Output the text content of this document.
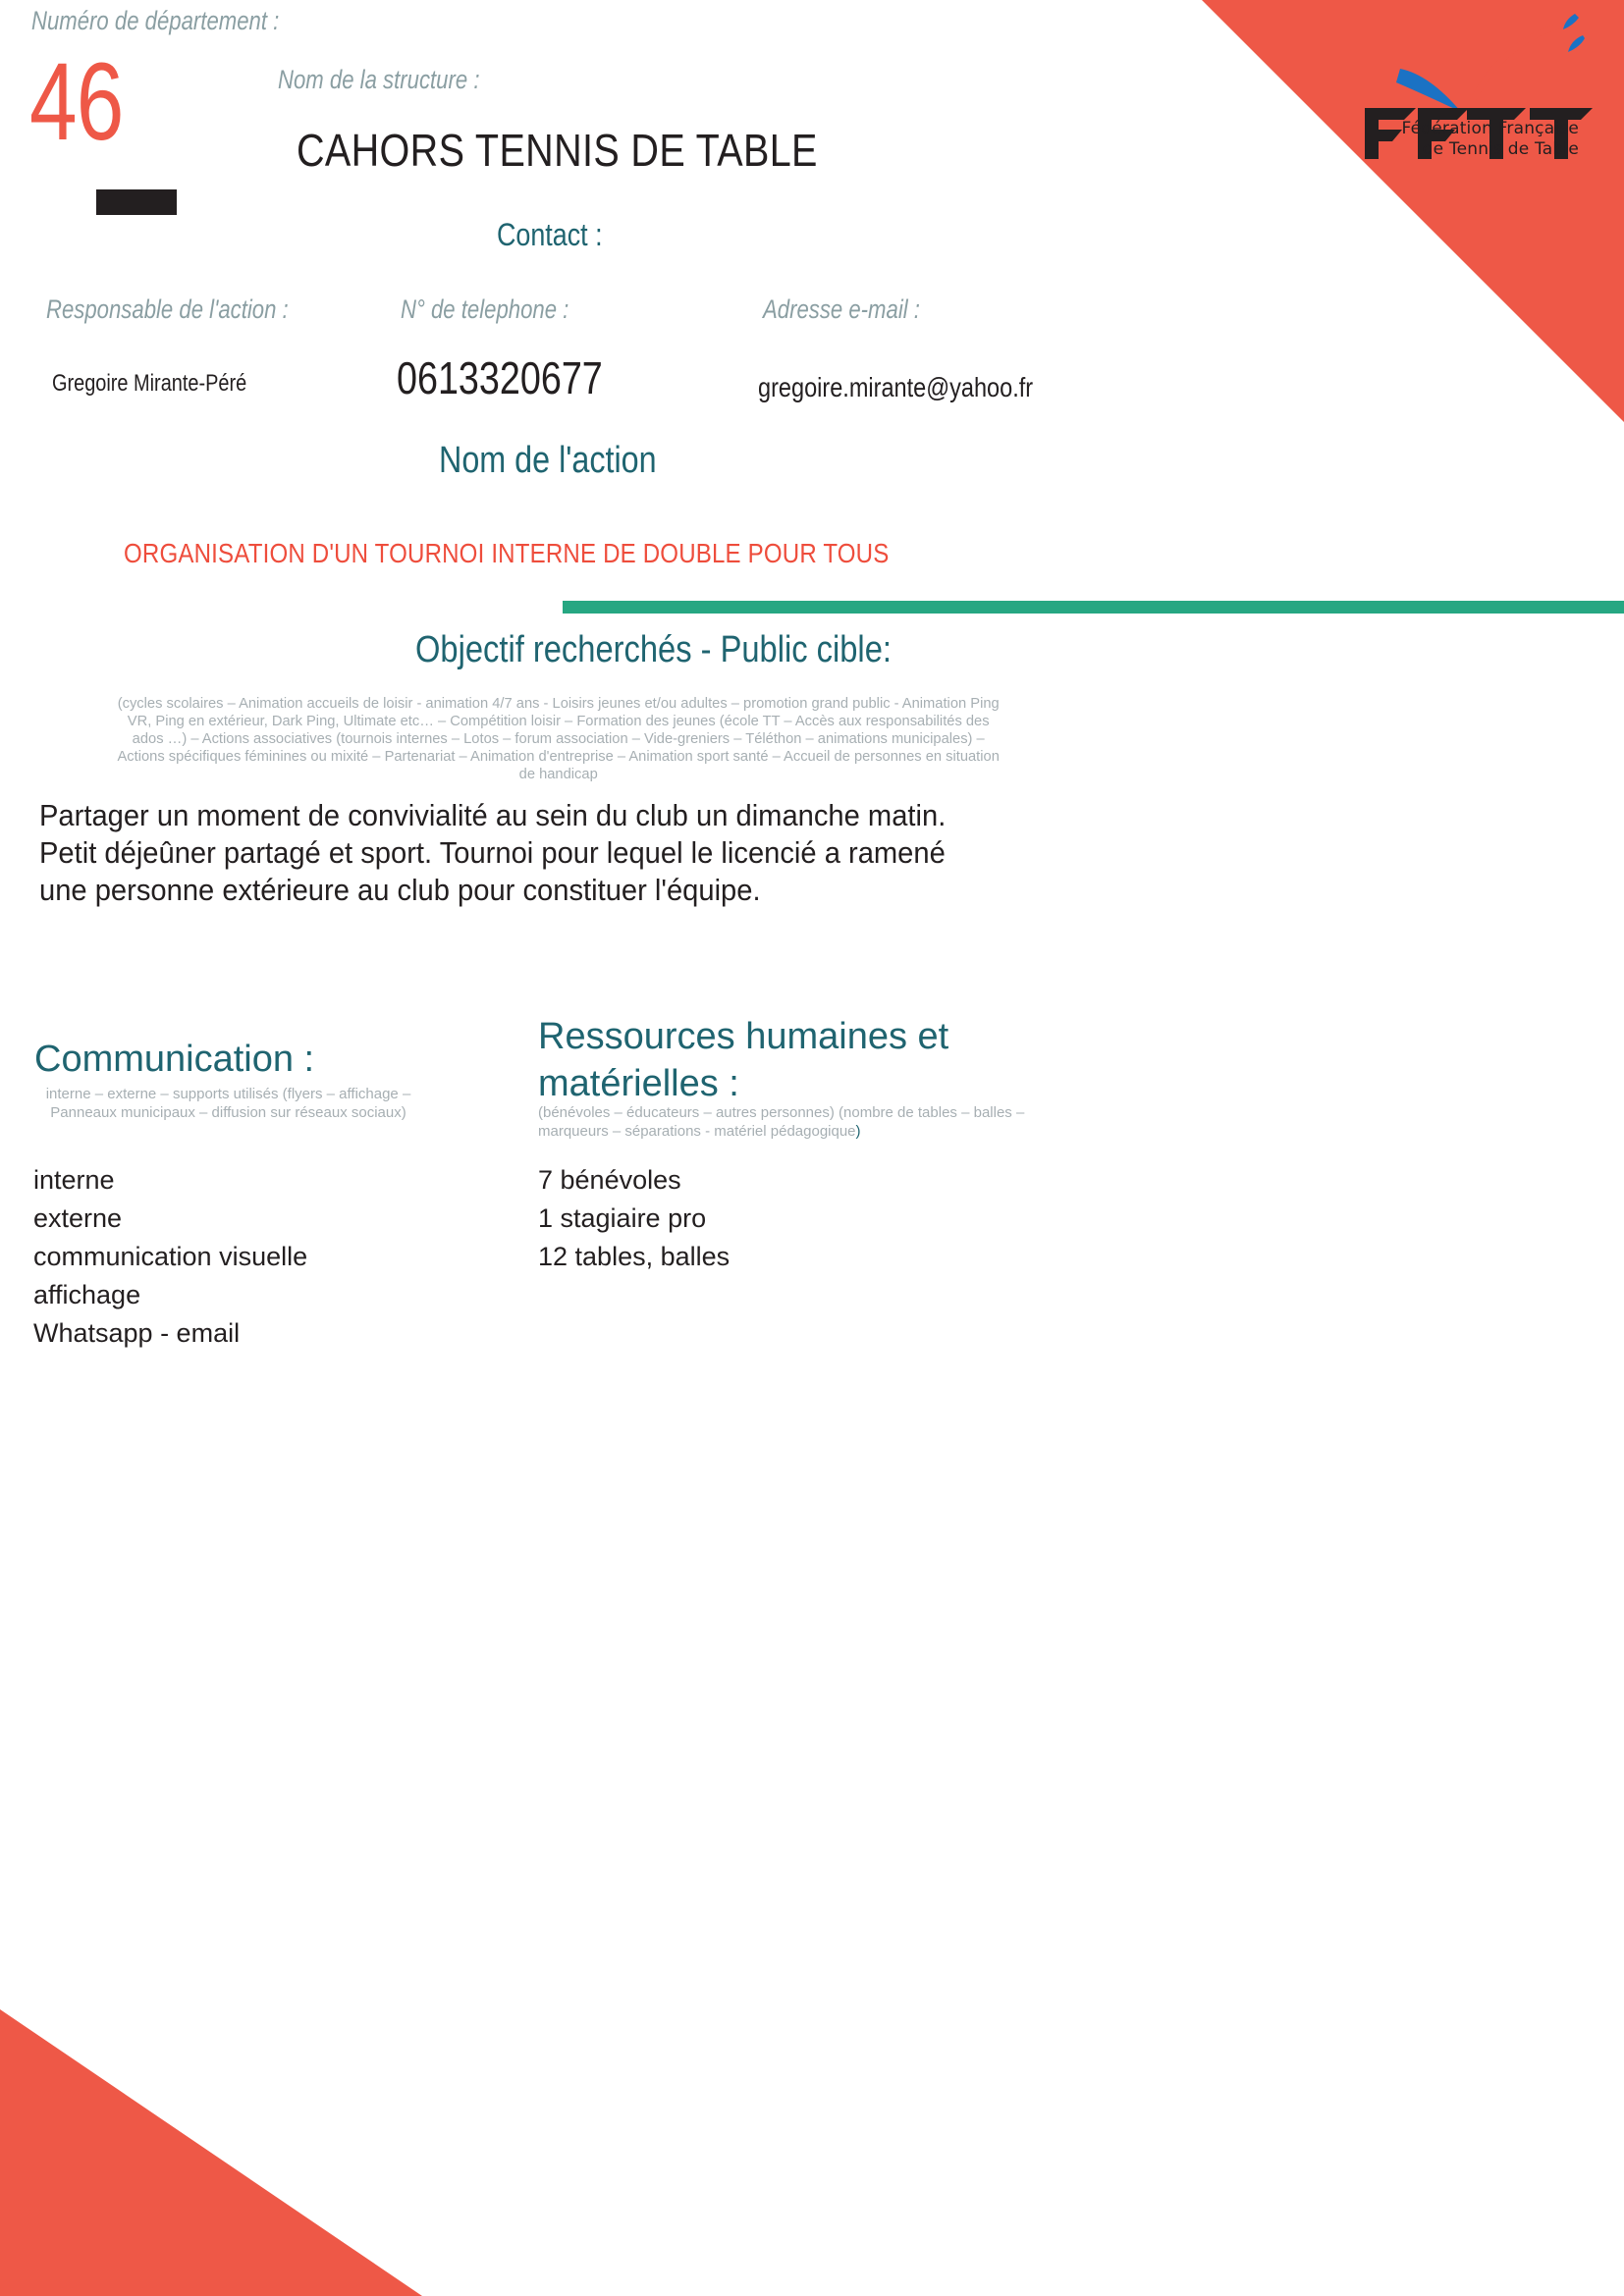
Fédération Française
de Tennis de Table
Numéro de département :
46	Nom de la structure :
CAHORS TENNIS DE TABLE
Contact :
Responsable de l'action :	N° de telephone :	Adresse e-mail :
Gregoire Mirante-Péré	0613320677	gregoire.mirante@yahoo.fr
Nom de l'action
ORGANISATION D'UN TOURNOI INTERNE DE DOUBLE POUR TOUS
Objectif recherchés - Public cible:
(cycles scolaires – Animation accueils de loisir - animation 4/7 ans - Loisirs jeunes et/ou adultes – promotion grand public - Animation Ping VR, Ping en extérieur, Dark Ping, Ultimate etc… – Compétition loisir – Formation des jeunes (école TT – Accès aux responsabilités des ados …) – Actions associatives (tournois internes – Lotos – forum association – Vide-greniers – Téléthon – animations municipales) – Actions spécifiques féminines ou mixité – Partenariat – Animation d'entreprise – Animation sport santé – Accueil de personnes en situation de handicap
Partager un moment de convivialité au sein du club un dimanche matin. Petit déjeûner partagé et sport. Tournoi pour lequel le licencié a ramené une personne extérieure au club pour constituer l'équipe.
Communication :
interne – externe – supports utilisés (flyers – affichage – Panneaux municipaux – diffusion sur réseaux sociaux)
interne
externe
communication visuelle
affichage
Whatsapp - email
Ressources humaines et matérielles :
(bénévoles – éducateurs – autres personnes) (nombre de tables – balles – marqueurs – séparations - matériel pédagogique)
7 bénévoles
1 stagiaire pro
12 tables, balles
